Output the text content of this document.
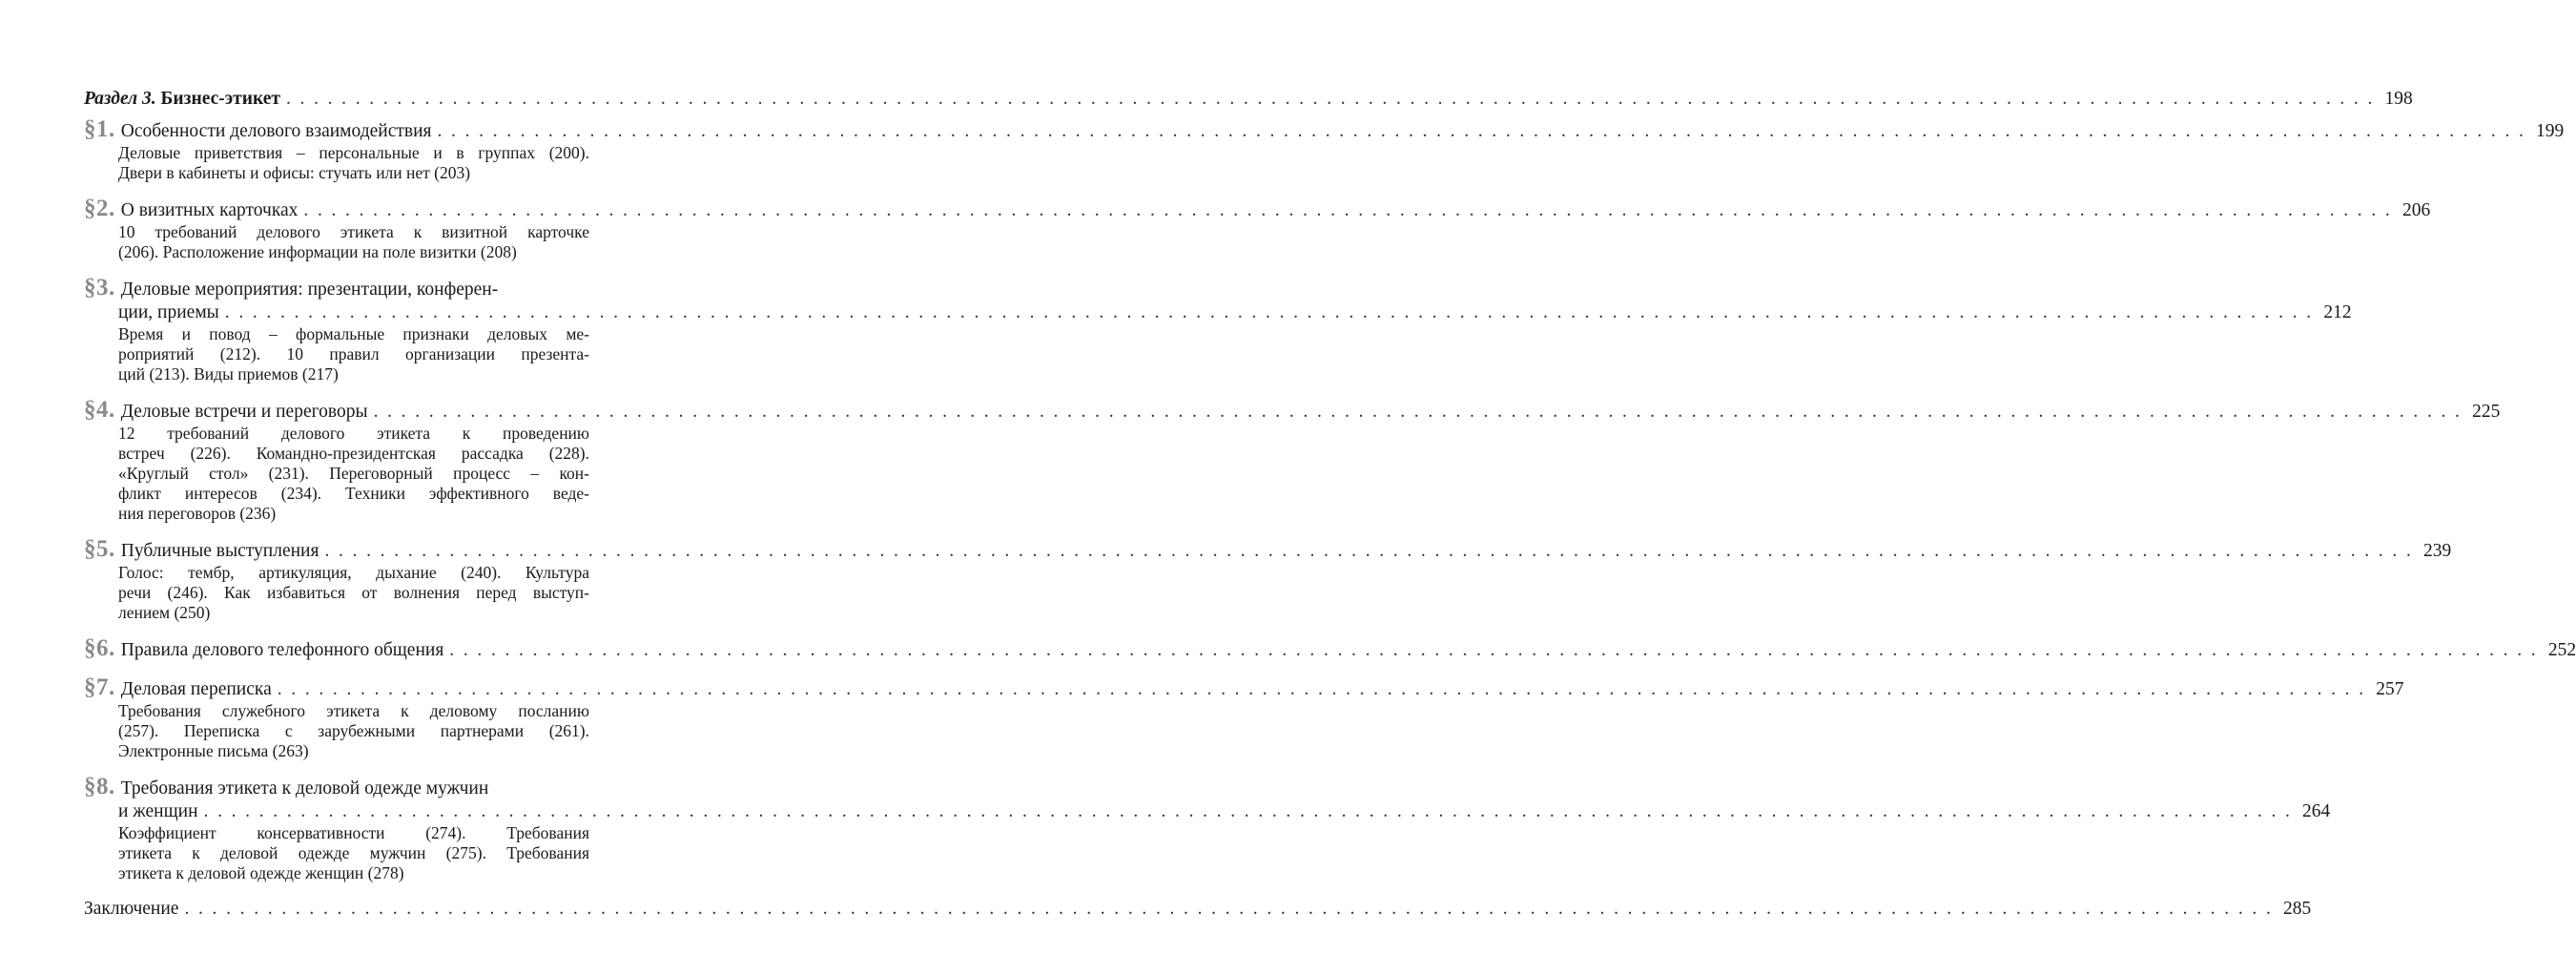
Раздел 3. Бизнес-этикет . . .	198
§1. Особенности делового взаимодействия . . .	199
Деловые приветствия – персональные и в группах (200).
Двери в кабинеты и офисы: стучать или нет (203)
§2. О визитных карточках . . .	206
10 требований делового этикета к визитной карточке
(206). Расположение информации на поле визитки (208)
§3. Деловые мероприятия: презентации, конферен-
ции, приемы . . .	212
Время и повод – формальные признаки деловых ме-
роприятий (212). 10 правил организации презента-
ций (213). Виды приемов (217)
§4. Деловые встречи и переговоры . . .	225
12 требований делового этикета к проведению
встреч (226). Командно-президентская рассадка (228).
«Круглый стол» (231). Переговорный процесс – кон-
фликт интересов (234). Техники эффективного веде-
ния переговоров (236)
§5. Публичные выступления . . .	239
Голос: тембр, артикуляция, дыхание (240). Культура
речи (246). Как избавиться от волнения перед выступ-
лением (250)
§6. Правила делового телефонного общения . . .	252
§7. Деловая переписка . . .	257
Требования служебного этикета к деловому посланию
(257). Переписка с зарубежными партнерами (261).
Электронные письма (263)
§8. Требования этикета к деловой одежде мужчин
и женщин . . .	264
Коэффициент консервативности (274). Требования
этикета к деловой одежде мужчин (275). Требования
этикета к деловой одежде женщин (278)
Заключение . . .	285
